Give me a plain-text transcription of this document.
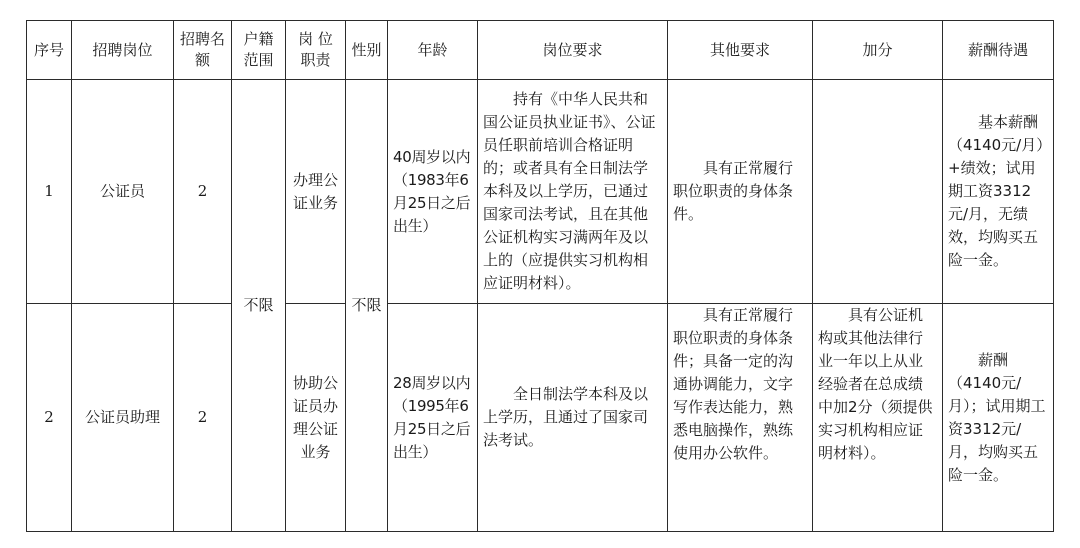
序号	招聘岗位	招聘名额	户籍范围	岗 位职责	性别	年龄	岗位要求	其他要求	加分	薪酬待遇
1	公证员	2	不限	办理公证业务	不限	40周岁以内（1983年6月25日之后出生）	持有《中华人民共和国公证员执业证书》、公证员任职前培训合格证明的；或者具有全日制法学本科及以上学历，已通过国家司法考试，且在其他公证机构实习满两年及以上的（应提供实习机构相应证明材料）。	具有正常履行职位职责的身体条件。		基本薪酬（4140元/月）+绩效；试用期工资3312元/月，无绩效，均购买五险一金。
2	公证员助理	2		协助公证员办理公证业务		28周岁以内（1995年6月25日之后出生）	全日制法学本科及以上学历，且通过了国家司法考试。	具有正常履行职位职责的身体条件；具备一定的沟通协调能力，文字写作表达能力，熟悉电脑操作，熟练使用办公软件。	具有公证机构或其他法律行业一年以上从业经验者在总成绩中加2分（须提供实习机构相应证明材料）。	薪酬（4140元/月）；试用期工资3312元/月，均购买五险一金。
